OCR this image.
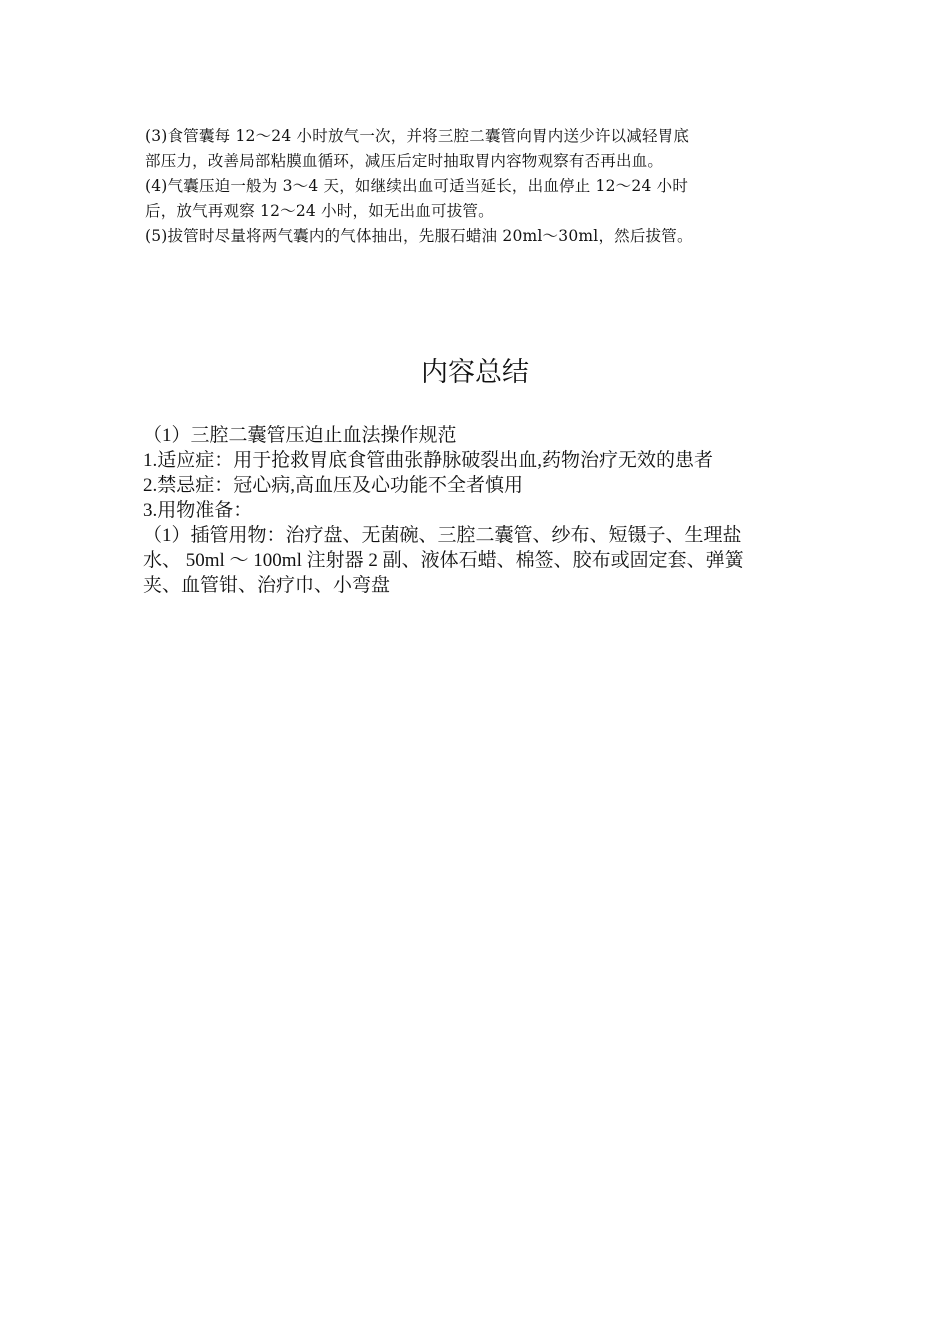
(3)食管囊每 12～24 小时放气一次，并将三腔二囊管向胃内送少许以减轻胃底

部压力，改善局部粘膜血循环，减压后定时抽取胃内容物观察有否再出血。

(4)气囊压迫一般为 3～4 天，如继续出血可适当延长，出血停止 12～24 小时

后，放气再观察 12～24 小时，如无出血可拔管。

(5)拔管时尽量将两气囊内的气体抽出，先服石蜡油 20ml～30ml，然后拔管。

内容总结

（1）三腔二囊管压迫止血法操作规范

1.适应症：用于抢救胃底食管曲张静脉破裂出血,药物治疗无效的患者

2.禁忌症：冠心病,高血压及心功能不全者慎用

3.用物准备：

（1）插管用物：治疗盘、无菌碗、三腔二囊管、纱布、短镊子、生理盐

水、 50ml ～ 100ml 注射器 2 副、液体石蜡、棉签、胶布或固定套、弹簧

夹、血管钳、治疗巾、小弯盘
